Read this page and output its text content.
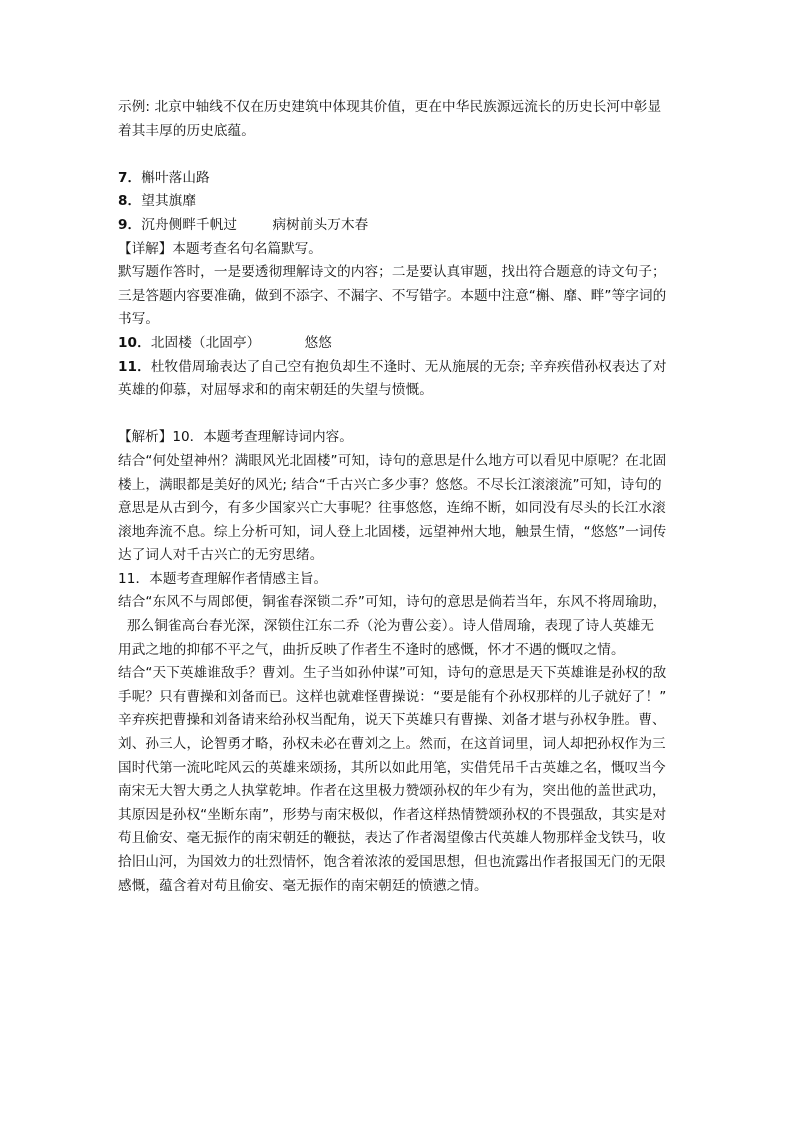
示例: 北京中轴线不仅在历史建筑中体现其价值，更在中华民族源远流长的历史长河中彰显
着其丰厚的历史底蕴。
7．槲叶落山路
8．望其旗靡
9．沉舟侧畔千帆过        病树前头万木春
【详解】本题考查名句名篇默写。
默写题作答时，一是要透彻理解诗文的内容；二是要认真审题，找出符合题意的诗文句子；
三是答题内容要准确，做到不添字、不漏字、不写错字。本题中注意“槲、靡、畔”等字词的
书写。
10．北固楼（北固亭）          悠悠
11．杜牧借周瑜表达了自己空有抱负却生不逢时、无从施展的无奈; 辛弃疾借孙权表达了对
英雄的仰慕，对屈辱求和的南宋朝廷的失望与愤慨。
【解析】10．本题考查理解诗词内容。
结合“何处望神州？满眼风光北固楼”可知，诗句的意思是什么地方可以看见中原呢？在北固
楼上，满眼都是美好的风光; 结合“千古兴亡多少事？悠悠。不尽长江滚滚流”可知，诗句的
意思是从古到今，有多少国家兴亡大事呢？往事悠悠，连绵不断，如同没有尽头的长江水滚
滚地奔流不息。综上分析可知，词人登上北固楼，远望神州大地，触景生情，“悠悠”一词传
达了词人对千古兴亡的无穷思绪。
11．本题考查理解作者情感主旨。
结合“东风不与周郎便，铜雀春深锁二乔”可知，诗句的意思是倘若当年，东风不将周瑜助，
那么铜雀高台春光深，深锁住江东二乔（沦为曹公妾）。诗人借周瑜，表现了诗人英雄无
用武之地的抑郁不平之气，曲折反映了作者生不逢时的感慨，怀才不遇的慨叹之情。
结合“天下英雄谁敌手？曹刘。生子当如孙仲谋”可知，诗句的意思是天下英雄谁是孙权的敌
手呢？只有曹操和刘备而已。这样也就难怪曹操说：“要是能有个孙权那样的儿子就好了！”
辛弃疾把曹操和刘备请来给孙权当配角，说天下英雄只有曹操、刘备才堪与孙权争胜。曹、
刘、孙三人，论智勇才略，孙权未必在曹刘之上。然而，在这首词里，词人却把孙权作为三
国时代第一流叱咤风云的英雄来颂扬，其所以如此用笔，实借凭吊千古英雄之名，慨叹当今
南宋无大智大勇之人执掌乾坤。作者在这里极力赞颂孙权的年少有为，突出他的盖世武功，
其原因是孙权“坐断东南”，形势与南宋极似，作者这样热情赞颂孙权的不畏强敌，其实是对
苟且偷安、毫无振作的南宋朝廷的鞭挞，表达了作者渴望像古代英雄人物那样金戈铁马，收
拾旧山河，为国效力的壮烈情怀，饱含着浓浓的爱国思想，但也流露出作者报国无门的无限
感慨，蕴含着对苟且偷安、毫无振作的南宋朝廷的愤懑之情。
